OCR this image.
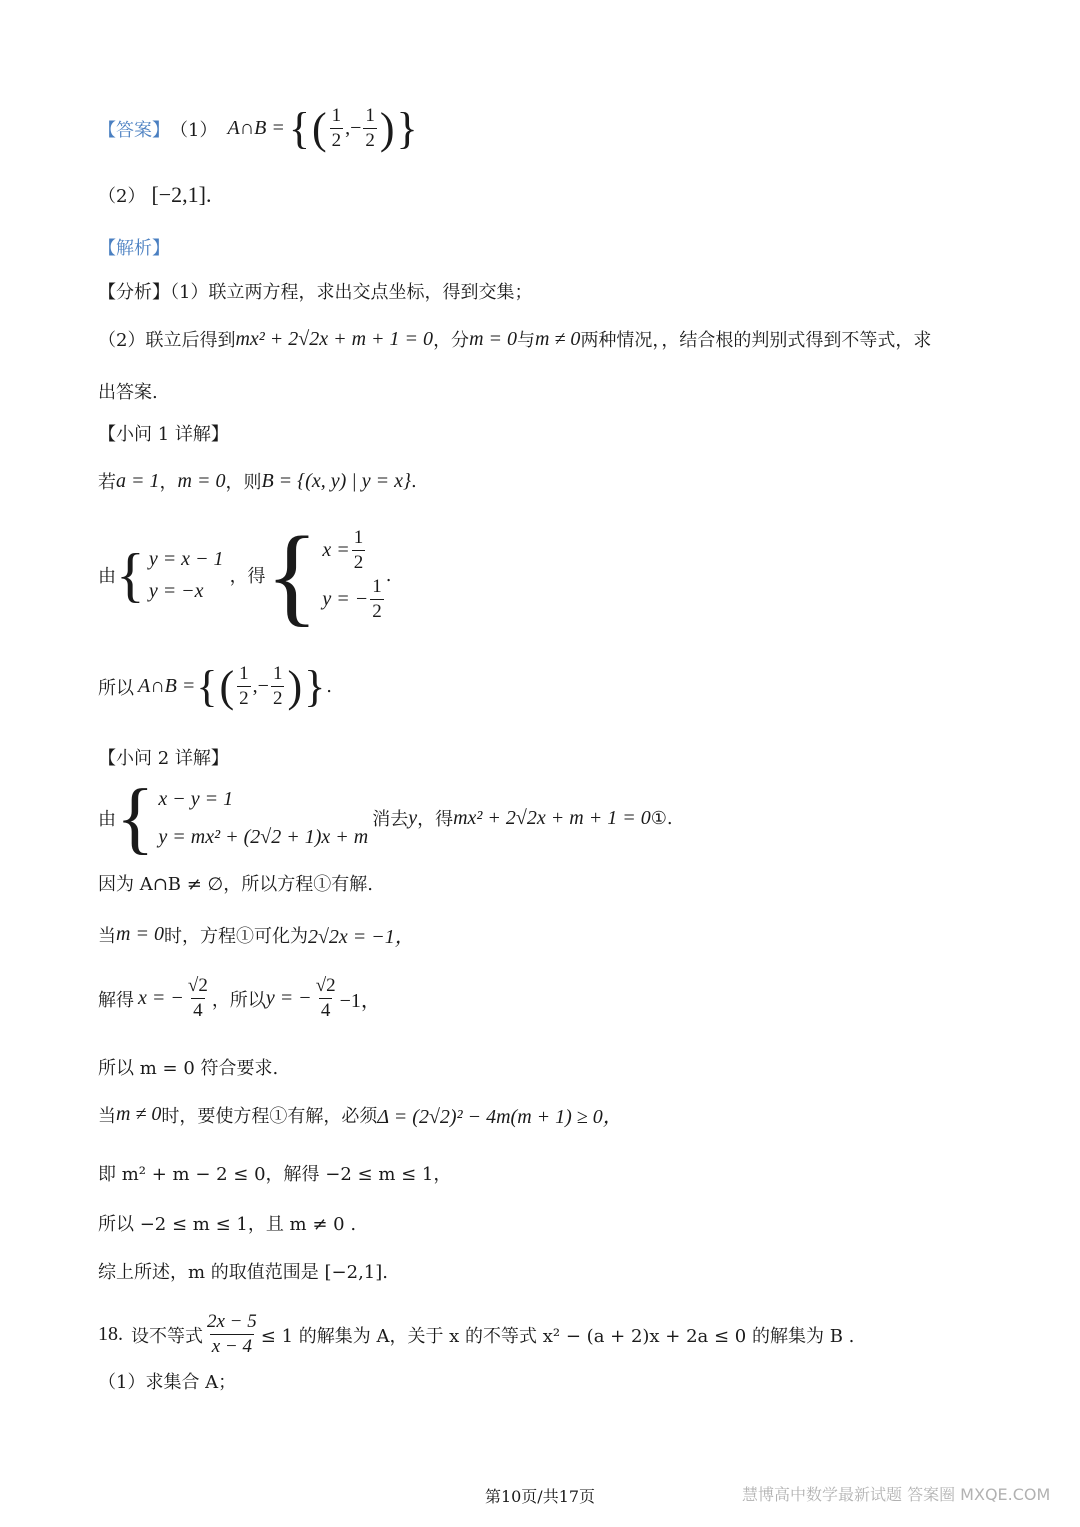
【答案】 （1） A∩B = { ( $\frac{1}{2}$ ,− $\frac{1}{2}$ ) }
（2） [−2,1].
【解析】
【分析】（1）联立两方程，求出交点坐标，得到交集；
（2）联立后得到 mx² + 2√2x + m + 1 = 0 ，分 m = 0 与 m ≠ 0 两种情况，，结合根的判别式得到不等式，求
出答案.
【小问 1 详解】
若 a = 1 ， m = 0 ，则 B = {(x, y) | y = x} .
由 { y = x − 1
y = −x
，得 { $x = \frac{1}{2}$
y = − $\frac{1}{2}$ .
所以 A∩B = { ( $\frac{1}{2}$ ,− $\frac{1}{2}$ ) } .
【小问 2 详解】
由 { x − y = 1
y = mx² + (2√2 + 1)x + m
消去 y ，得 mx² + 2√2x + m + 1 = 0 ①.
因为 A∩B ≠ ∅，所以方程①有解.
当 m = 0 时，方程①可化为 2√2x = −1，
解得 x = − $\frac{√2}{4}$ ，所以 y = − $\frac{√2}{4} -1$，
所以 m = 0 符合要求.
当 m ≠ 0 时，要使方程①有解，必须 Δ = (2√2)² − 4m(m + 1) ≥ 0，
即 m² + m − 2 ≤ 0，解得 −2 ≤ m ≤ 1，
所以 −2 ≤ m ≤ 1，且 m ≠ 0 .
综上所述，m 的取值范围是 [−2,1].
18. 设不等式 $\frac{2x - 5}{x - 4} \le 1$ 的解集为 A，关于 x 的不等式 x² − (a + 2)x + 2a ≤ 0 的解集为 B .
（1）求集合 A；
慧博高中数学最新试题 答案圈 MXQE.COM
第10页/共17页
